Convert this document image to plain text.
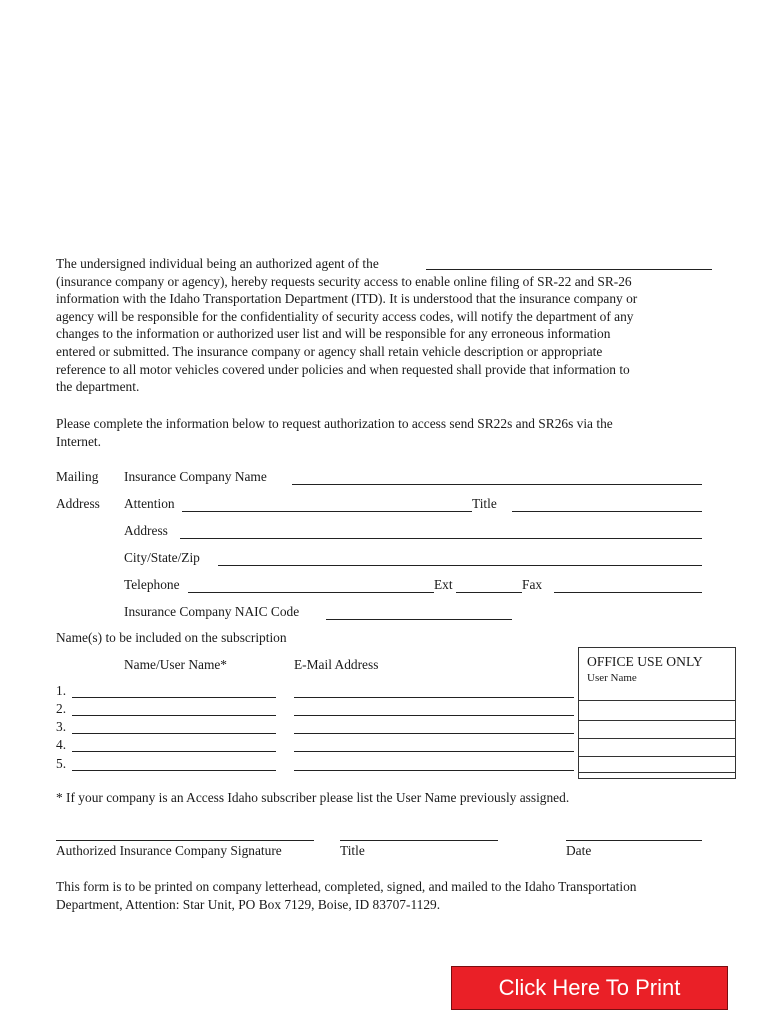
The undersigned individual being an authorized agent of the
(insurance company or agency), hereby requests security access to enable online filing of SR-22 and SR-26
information with the Idaho Transportation Department (ITD). It is understood that the insurance company or
agency will be responsible for the confidentiality of security access codes, will notify the department of any
changes to the information or authorized user list and will be responsible for any erroneous information
entered or submitted. The insurance company or agency shall retain vehicle description or appropriate
reference to all motor vehicles covered under policies and when requested shall provide that information to
the department.
Please complete the information below to request authorization to access send SR22s and SR26s via the
Internet.
Mailing
Address
Insurance Company Name
Attention	Title
Address
City/State/Zip
Telephone	Ext	Fax
Insurance Company NAIC Code
Name(s) to be included on the subscription
Name/User Name*	E-Mail Address
1.
2.
3.
4.
5.
OFFICE USE ONLY
User Name
* If your company is an Access Idaho subscriber please list the User Name previously assigned.
Authorized Insurance Company Signature	Title	Date
This form is to be printed on company letterhead, completed, signed, and mailed to the Idaho Transportation
Department, Attention: Star Unit, PO Box 7129, Boise, ID 83707-1129.
Click Here To Print
